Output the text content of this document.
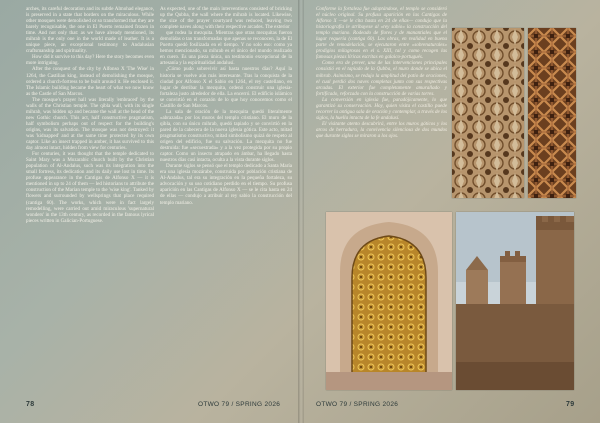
arches, its careful decoration and its subtle Almohad elegance, is preserved in a state that borders on the miraculous. While other mosques were demolished or so transformed that they are barely recognisable, the one in El Puerto remained frozen in time. And not only that: as we have already mentioned, its mihrab is the only one in the world made of leather. It is a unique piece, an exceptional testimony to Andalusian craftsmanship and spirituality.

How did it survive to this day? Here the story becomes even more intriguing.

After the conquest of the city by Alfonso X 'The Wise' in 1264, the Castilian king, instead of demolishing the mosque, ordered a church-fortress to be built around it. He enclosed it. The Islamic building became the heart of what we now know as the Castle of San Marcos.

The mosque's prayer hall was literally 'embraced' by the walls of the Christian temple. The qibla wall, with its single mihrab, was hidden up and became the wall at the head of the new Gothic church. This act, half constructive pragmatism, half symbolism perhaps out of respect for the building's origins, was its salvation. The mosque was not destroyed: it was 'kidnapped' and at the same time protected by its own captor. Like an insect trapped in amber, it has survived to this day almost intact, hidden from view for centuries.

For centuries, it was thought that the temple dedicated to Saint Mary was a Mozarabic church built by the Christian population of Al-Andalus, such was its integration into the small fortress, its dedication and its daily use lost in time. Its profuse appearance in the Cantigas de Alfonso X — it is mentioned in up to 24 of them — led historians to attribute the construction of the Marian temple to the 'wise king'. Tanked by flowers and surrounded by wellsprings that place required (cantiga 60). The works, which were in fact largely remodelling, were carried out amid miraculous 'supernatural wonders' in the 13th century, as recorded in the famous lyrical pieces written in Galician-Portuguese.

As expected, one of the main interventions consisted of bricking up the Qubba, the wall where the mihrab is located. Likewise, the size of the prayer courtyard was reduced, leaving two complete naves along with their respective arcades. The exterior

que rodea la mezquita. Mientras que otras mezquitas fueron demolidas o tan transformadas que apenas se reconocen, la de El Puerto quedó fosilizada en el tiempo. Y no solo eso: como ya hemos mencionado, su mihrab es el único del mundo realizado en cuero. Es una pieza única, un testimonio excepcional de la artesanía y la espiritualidad andalusí.

¿Cómo pudo sobrevivir así hasta nuestros días? Aquí la historia se vuelve aún más interesante. Tras la conquista de la ciudad por Alfonso X el Sabio en 1264, el rey castellano, en lugar de derribar la mezquita, ordenó construir una iglesia-fortaleza justo alrededor de ella. La encerró. El edificio islámico se convirtió en el corazón de lo que hoy conocemos como el Castillo de San Marcos.

La sala de oración de la mezquita quedó literalmente «abrazada» por los muros del templo cristiano. El muro de la qibla, con su único mihrab, quedó tapiado y se convirtió en la pared de la cabecera de la nueva iglesia gótica. Este acto, mitad pragmatismo constructivo, mitad simbolismo quizá de respeto al origen del edificio, fue su salvación. La mezquita no fue destruida: fue «secuestrada» y a la vez protegida por su propio captor. Como un insecto atrapado en ámbar, ha llegado hasta nuestros días casi intacta, oculta a la vista durante siglos.

Durante siglos se pensó que el templo dedicado a Santa María era una iglesia mozárabe, construida por población cristiana de Al-Andalus, tal era su integración en la pequeña fortaleza, su advocación y su uso cotidiano perdido en el tiempo. Su profusa aparición en las Cantigas de Alfonso X — se le cita hasta en 24 de ellas — condujo a atribuir al rey sabio la construcción del templo mariano.

Conforme la fortaleza fue adaptándose, el templo se consideró el núcleo original. Su profusa aparición en las Cantigas de Alfonso X —se le cita hasta en 24 de ellas— condujo que la historiografía le atribuyese al «rey sabio» la construcción del templo mariano. Rodeado de flores y de manantiales que el lugar requería (cantiga 60). Las obras, en realidad en buena parte de remodelación, se ejecutaron entre «sobrenaturales» prodigios milagrosos en el s. XIII, tal y como recogen las famosas piezas líricas escritas en galaico-portugués.

Como era de prever, una de las intervenciones principales consistió en el tapiado de la Qubba, el muro donde se ubica el mihrab. Asimismo, se redujo la amplitud del patio de oraciones, el cual perdió dos naves completas junto con sus respectivas arcadas. El exterior fue completamente amurallado y fortificado, reforzado con la construcción de varias torres.

La conversión en iglesia fue, paradójicamente, lo que garantizó su conservación. Hoy, quien visita el castillo puede recorrer la antigua sala de oración y contemplar, a través de los siglos, la huella intacta de la fe andalusí.

El visitante atento descubrirá, entre los muros góticos y los arcos de herradura, la convivencia silenciosa de dos mundos que durante siglos se miraron a los ojos.

78	OTWO 79 / SPRING 2026	OTWO 79 / SPRING 2026	79
